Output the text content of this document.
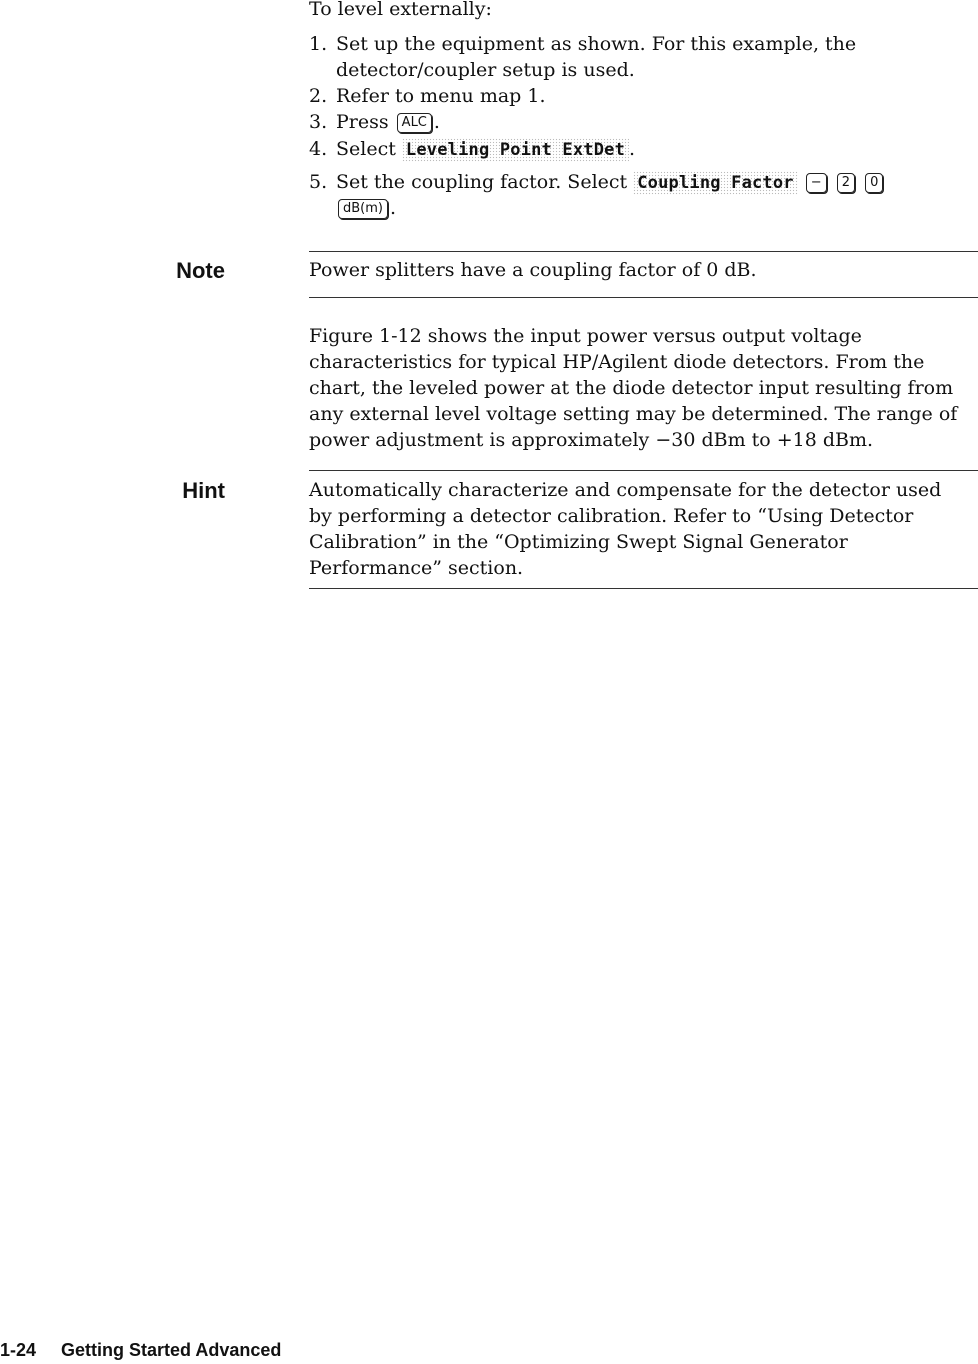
To level externally:
1. Set up the equipment as shown. For this example, the detector/coupler setup is used.
2. Refer to menu map 1.
3. Press ALC .
4. Select Leveling Point ExtDet .
5. Set the coupling factor. Select Coupling Factor − 2 0
dB(m) .
Note	Power splitters have a coupling factor of 0 dB.
Figure 1-12 shows the input power versus output voltage characteristics for typical HP/Agilent diode detectors. From the chart, the leveled power at the diode detector input resulting from any external level voltage setting may be determined. The range of power adjustment is approximately −30 dBm to +18 dBm.
Hint	Automatically characterize and compensate for the detector used by performing a detector calibration. Refer to “Using Detector Calibration” in the “Optimizing Swept Signal Generator Performance” section.
1-24 Getting Started Advanced
